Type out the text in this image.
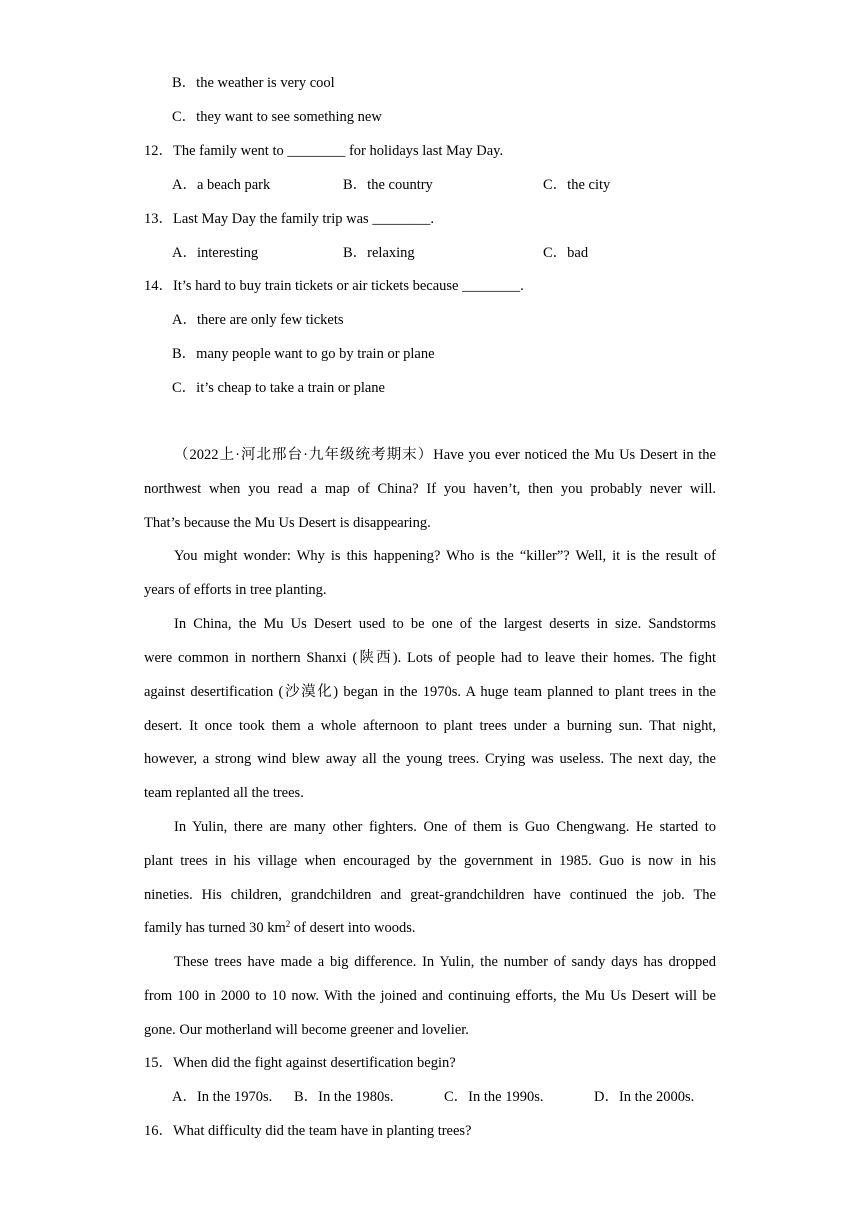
B．the weather is very cool
C．they want to see something new
12．The family went to ________ for holidays last May Day.
A．a beach park	B．the country	C．the city
13．Last May Day the family trip was ________.
A．interesting	B．relaxing	C．bad
14．It’s hard to buy train tickets or air tickets because ________.
A．there are only few tickets
B．many people want to go by train or plane
C．it’s cheap to take a train or plane
（2022上·河北邢台·九年级统考期末）Have you ever noticed the Mu Us Desert in the
northwest when you read a map of China? If you haven’t, then you probably never will.
That’s because the Mu Us Desert is disappearing.
You might wonder: Why is this happening? Who is the “killer”? Well, it is the result of
years of efforts in tree planting.
In China, the Mu Us Desert used to be one of the largest deserts in size. Sandstorms
were common in northern Shanxi (陕西). Lots of people had to leave their homes. The fight
against desertification (沙漠化) began in the 1970s. A huge team planned to plant trees in the
desert. It once took them a whole afternoon to plant trees under a burning sun. That night,
however, a strong wind blew away all the young trees. Crying was useless. The next day, the
team replanted all the trees.
In Yulin, there are many other fighters. One of them is Guo Chengwang. He started to
plant trees in his village when encouraged by the government in 1985. Guo is now in his
nineties. His children, grandchildren and great-grandchildren have continued the job. The
family has turned 30 $km^2$ of desert into woods.
These trees have made a big difference. In Yulin, the number of sandy days has dropped
from 100 in 2000 to 10 now. With the joined and continuing efforts, the Mu Us Desert will be
gone. Our motherland will become greener and lovelier.
15．When did the fight against desertification begin?
A．In the 1970s. B．In the 1980s.	C．In the 1990s.	D．In the 2000s.
16．What difficulty did the team have in planting trees?
